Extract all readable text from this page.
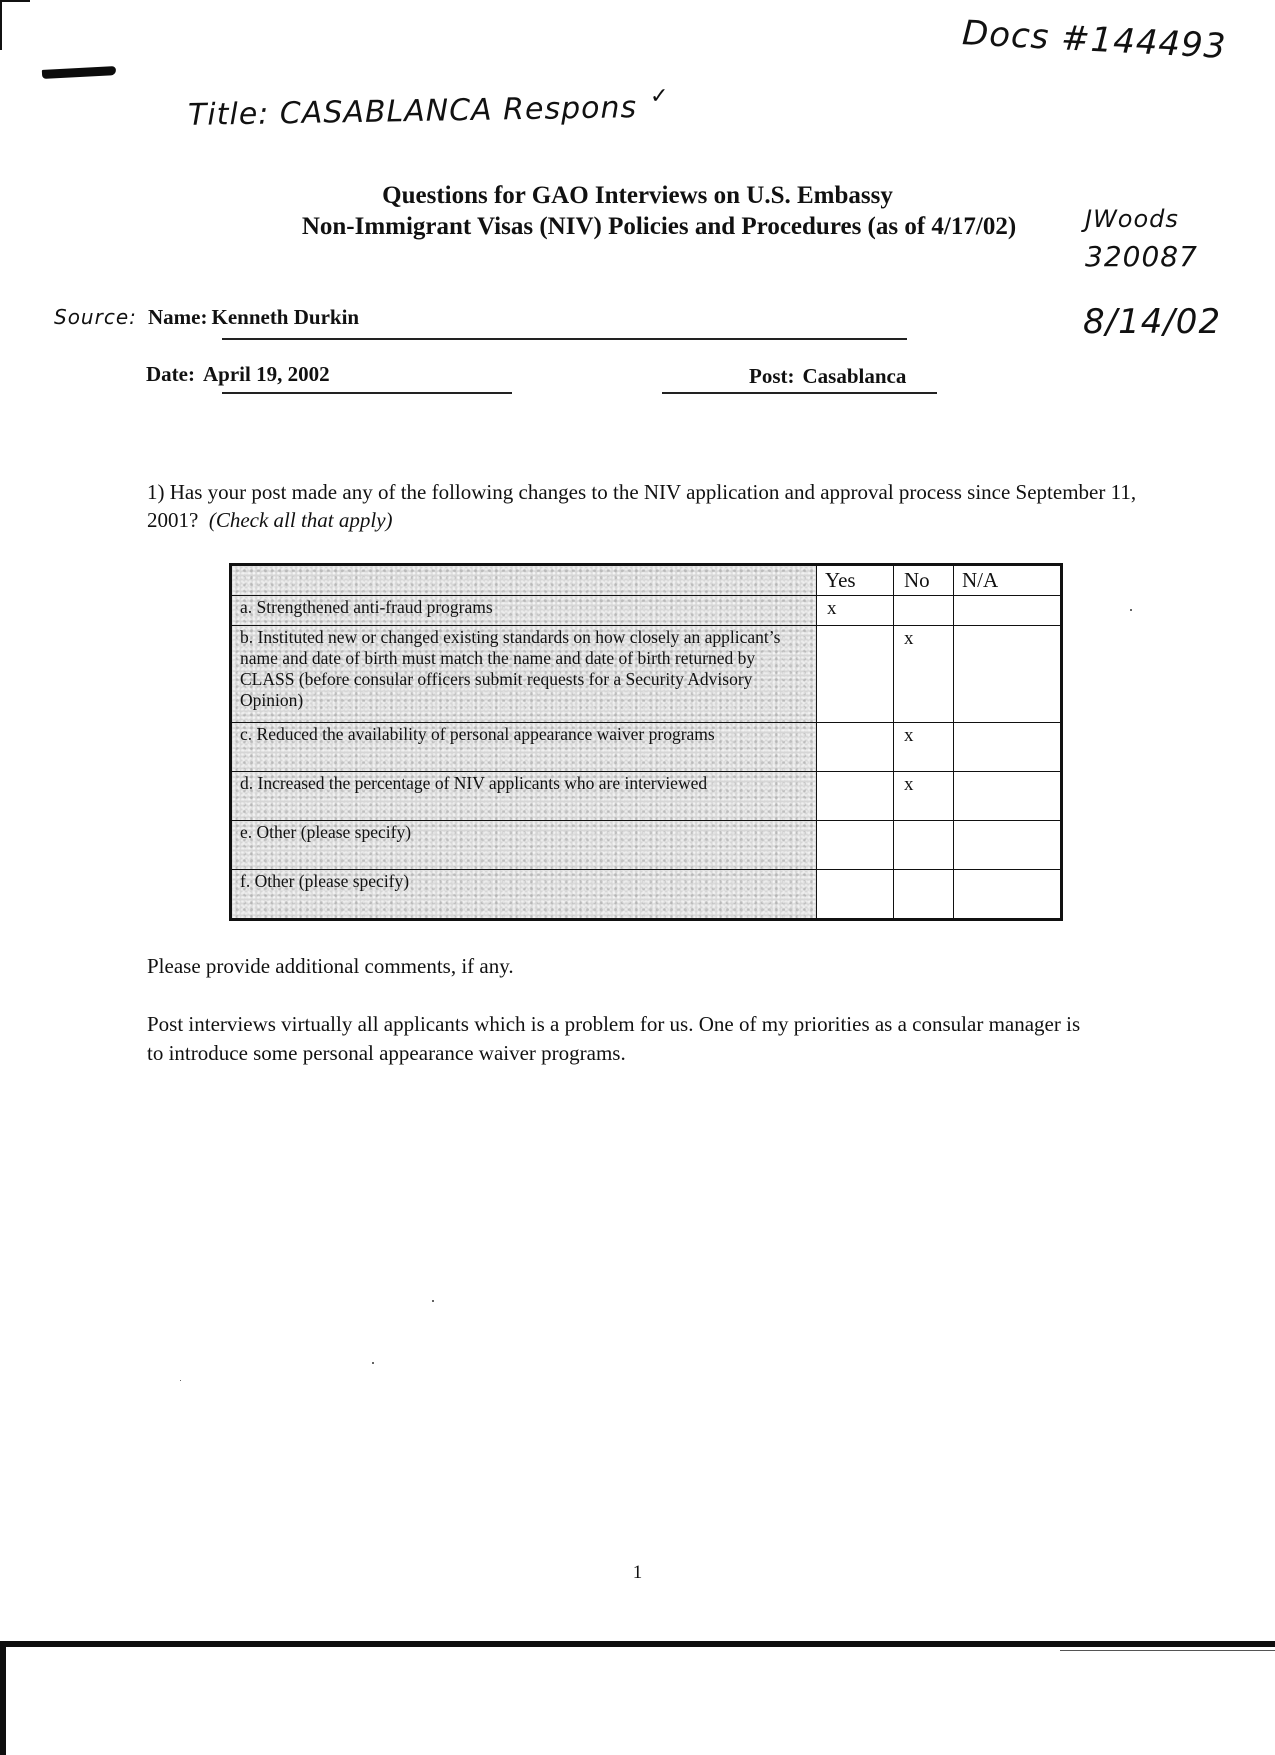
Docs #144493
Title: CASABLANCA Respons ✓
JWoods
320087
8/14/02
Source:
Questions for GAO Interviews on U.S. Embassy
Non-Immigrant Visas (NIV) Policies and Procedures (as of 4/17/02)
Name: Kenneth Durkin
Date: April 19, 2002	Post: Casablanca
1) Has your post made any of the following changes to the NIV application and approval process since September 11, 2001? (Check all that apply)
	Yes	No	N/A
a. Strengthened anti-fraud programs	x		
b. Instituted new or changed existing standards on how closely an applicant’s name and date of birth must match the name and date of birth returned by CLASS (before consular officers submit requests for a Security Advisory Opinion)		x	
c. Reduced the availability of personal appearance waiver programs		x	
d. Increased the percentage of NIV applicants who are interviewed		x	
e. Other (please specify)			
f. Other (please specify)			
Please provide additional comments, if any.
Post interviews virtually all applicants which is a problem for us. One of my priorities as a consular manager is to introduce some personal appearance waiver programs.
1
